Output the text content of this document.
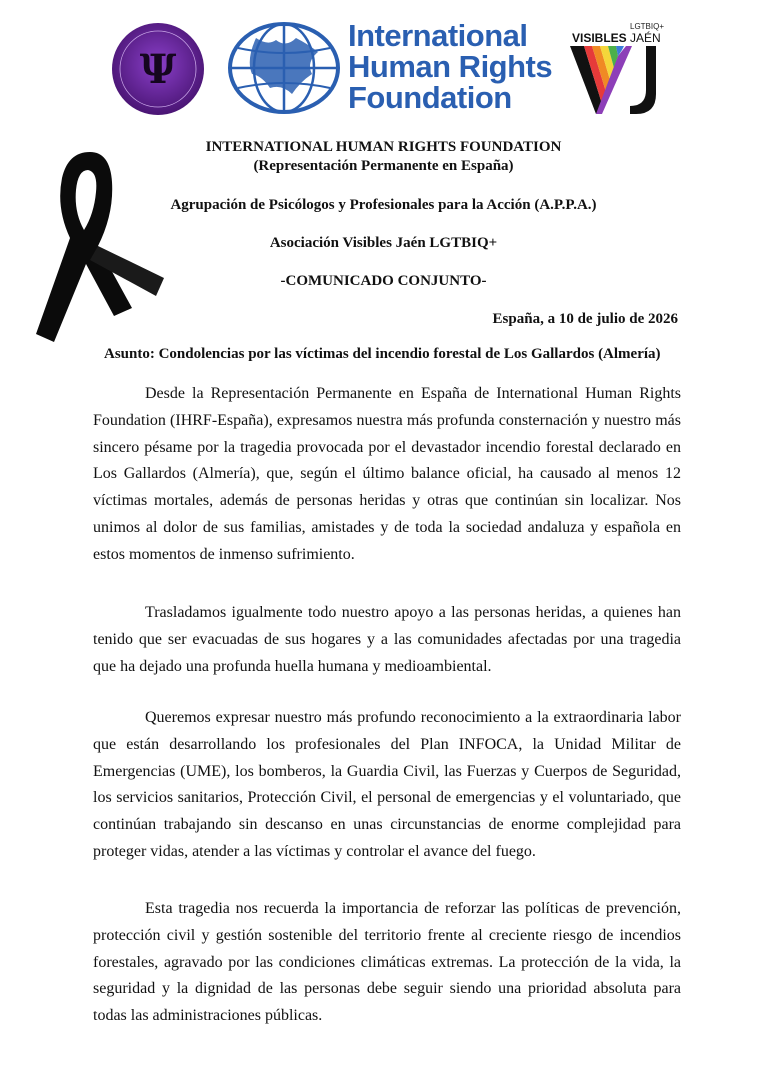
Ψ
International
Human Rights
Foundation
LGTBIQ+
VISIBLES JAÉN
INTERNATIONAL HUMAN RIGHTS FOUNDATION
(Representación Permanente en España)
Agrupación de Psicólogos y Profesionales para la Acción (A.P.P.A.)
Asociación Visibles Jaén LGTBIQ+
-COMUNICADO CONJUNTO-
España, a 10 de julio de 2026
Asunto: Condolencias por las víctimas del incendio forestal de Los Gallardos (Almería)

Desde la Representación Permanente en España de International Human Rights Foundation (IHRF-España), expresamos nuestra más profunda consternación y nuestro más sincero pésame por la tragedia provocada por el devastador incendio forestal declarado en Los Gallardos (Almería), que, según el último balance oficial, ha causado al menos 12 víctimas mortales, además de personas heridas y otras que continúan sin localizar. Nos unimos al dolor de sus familias, amistades y de toda la sociedad andaluza y española en estos momentos de inmenso sufrimiento.

Trasladamos igualmente todo nuestro apoyo a las personas heridas, a quienes han tenido que ser evacuadas de sus hogares y a las comunidades afectadas por una tragedia que ha dejado una profunda huella humana y medioambiental.

Queremos expresar nuestro más profundo reconocimiento a la extraordinaria labor que están desarrollando los profesionales del Plan INFOCA, la Unidad Militar de Emergencias (UME), los bomberos, la Guardia Civil, las Fuerzas y Cuerpos de Seguridad, los servicios sanitarios, Protección Civil, el personal de emergencias y el voluntariado, que continúan trabajando sin descanso en unas circunstancias de enorme complejidad para proteger vidas, atender a las víctimas y controlar el avance del fuego.

Esta tragedia nos recuerda la importancia de reforzar las políticas de prevención, protección civil y gestión sostenible del territorio frente al creciente riesgo de incendios forestales, agravado por las condiciones climáticas extremas. La protección de la vida, la seguridad y la dignidad de las personas debe seguir siendo una prioridad absoluta para todas las administraciones públicas.
